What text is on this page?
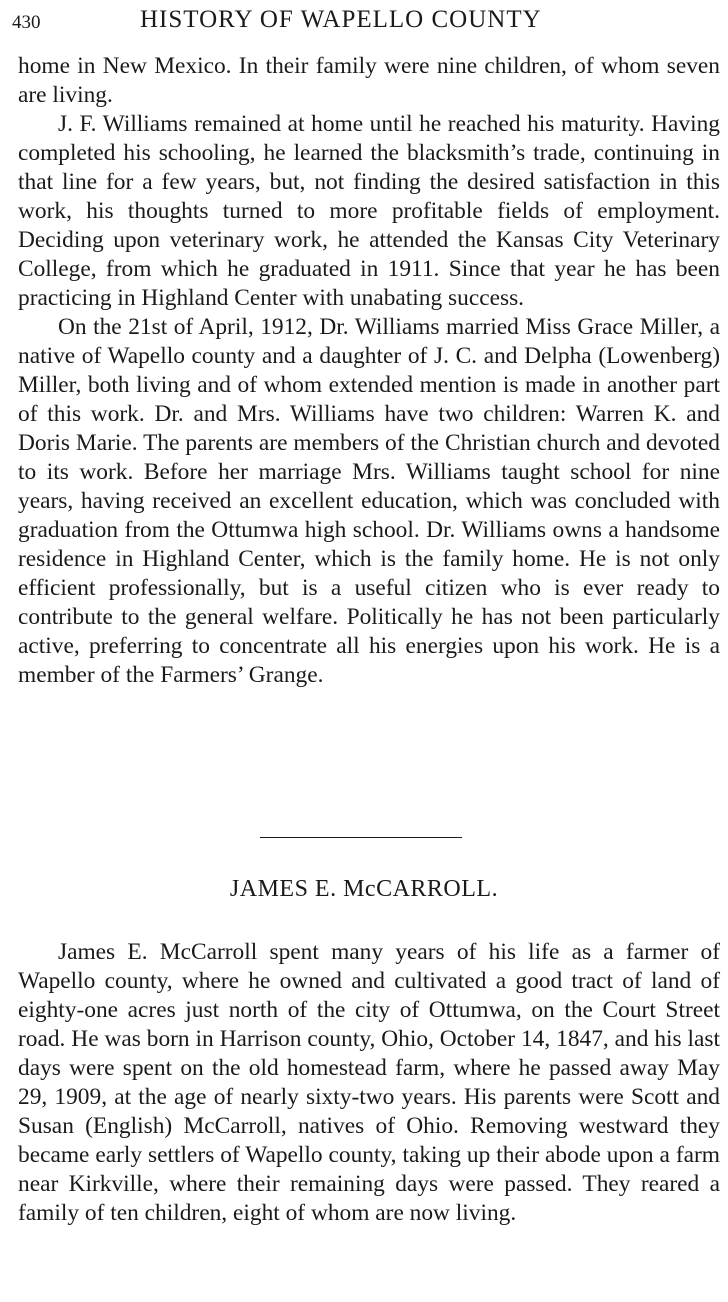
430	HISTORY OF WAPELLO COUNTY

home in New Mexico. In their family were nine children, of whom seven are living.

J. F. Williams remained at home until he reached his maturity. Having completed his schooling, he learned the blacksmith’s trade, continuing in that line for a few years, but, not finding the desired satisfaction in this work, his thoughts turned to more profitable fields of employment. Deciding upon veterinary work, he attended the Kansas City Veterinary College, from which he graduated in 1911. Since that year he has been practicing in Highland Center with unabating success.

On the 21st of April, 1912, Dr. Williams married Miss Grace Miller, a native of Wapello county and a daughter of J. C. and Delpha (Lowenberg) Miller, both living and of whom extended mention is made in another part of this work. Dr. and Mrs. Williams have two children: Warren K. and Doris Marie. The parents are members of the Christian church and devoted to its work. Before her marriage Mrs. Williams taught school for nine years, having received an excellent education, which was concluded with graduation from the Ottumwa high school. Dr. Williams owns a handsome residence in Highland Center, which is the family home. He is not only efficient professionally, but is a useful citizen who is ever ready to contribute to the general welfare. Politically he has not been particularly active, preferring to concentrate all his energies upon his work. He is a member of the Farmers’ Grange.

JAMES E. McCARROLL.

James E. McCarroll spent many years of his life as a farmer of Wapello county, where he owned and cultivated a good tract of land of eighty-one acres just north of the city of Ottumwa, on the Court Street road. He was born in Harrison county, Ohio, October 14, 1847, and his last days were spent on the old homestead farm, where he passed away May 29, 1909, at the age of nearly sixty-two years. His parents were Scott and Susan (English) McCarroll, natives of Ohio. Removing westward they became early settlers of Wapello county, taking up their abode upon a farm near Kirkville, where their remaining days were passed. They reared a family of ten children, eight of whom are now living.
